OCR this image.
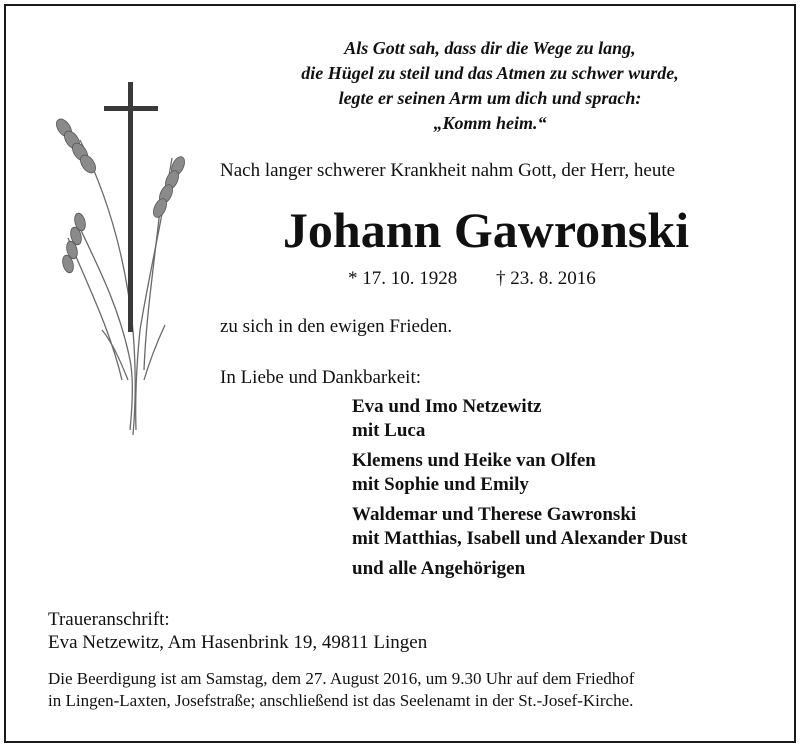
Als Gott sah, dass dir die Wege zu lang,
die Hügel zu steil und das Atmen zu schwer wurde,
legte er seinen Arm um dich und sprach:
„Komm heim.“
Nach langer schwerer Krankheit nahm Gott, der Herr, heute
Johann Gawronski
* 17. 10. 1928 † 23. 8. 2016
zu sich in den ewigen Frieden.
In Liebe und Dankbarkeit:
Eva und Imo Netzewitz
mit Luca
Klemens und Heike van Olfen
mit Sophie und Emily
Waldemar und Therese Gawronski
mit Matthias, Isabell und Alexander Dust
und alle Angehörigen
Traueranschrift:
Eva Netzewitz, Am Hasenbrink 19, 49811 Lingen
Die Beerdigung ist am Samstag, dem 27. August 2016, um 9.30 Uhr auf dem Friedhof
in Lingen-Laxten, Josefstraße; anschließend ist das Seelenamt in der St.-Josef-Kirche.
